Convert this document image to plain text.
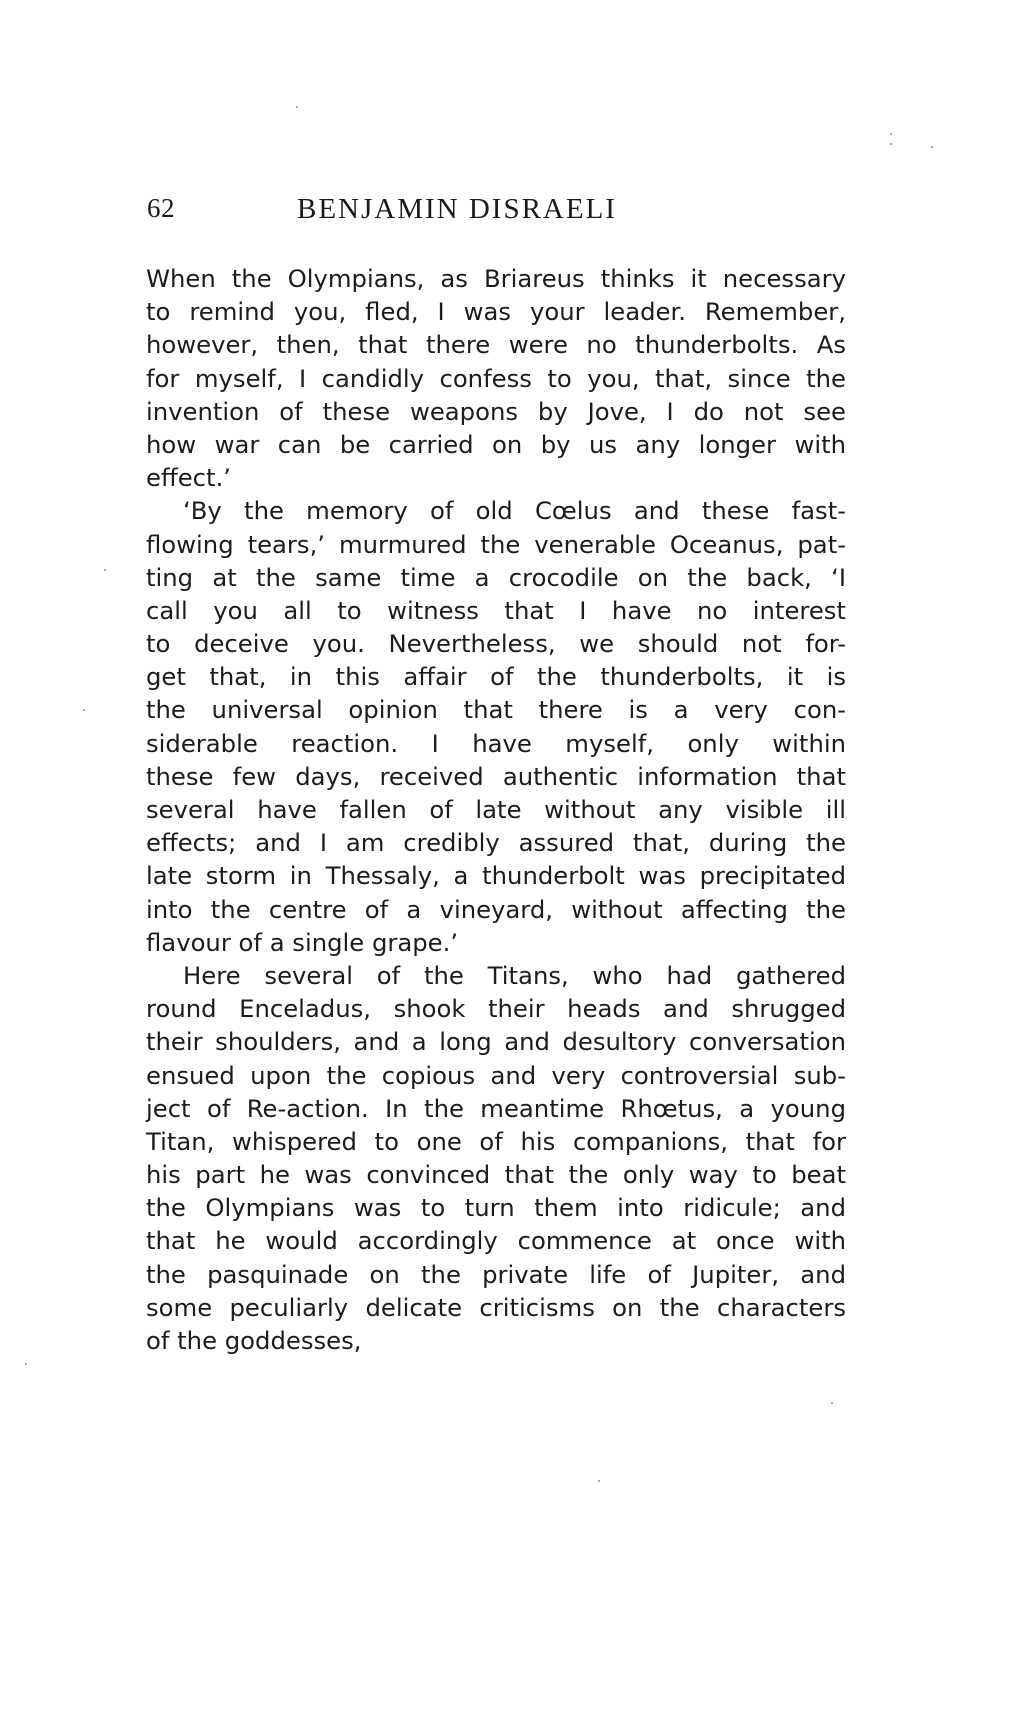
62	BENJAMIN DISRAELI
When the Olympians, as Briareus thinks it necessary
to remind you, fled, I was your leader. Remember,
however, then, that there were no thunderbolts. As
for myself, I candidly confess to you, that, since the
invention of these weapons by Jove, I do not see
how war can be carried on by us any longer with
effect.’
‘By the memory of old Cœlus and these fast-
flowing tears,’ murmured the venerable Oceanus, pat-
ting at the same time a crocodile on the back, ‘I
call you all to witness that I have no interest
to deceive you. Nevertheless, we should not for-
get that, in this affair of the thunderbolts, it is
the universal opinion that there is a very con-
siderable reaction. I have myself, only within
these few days, received authentic information that
several have fallen of late without any visible ill
effects; and I am credibly assured that, during the
late storm in Thessaly, a thunderbolt was precipitated
into the centre of a vineyard, without affecting the
flavour of a single grape.’
Here several of the Titans, who had gathered
round Enceladus, shook their heads and shrugged
their shoulders, and a long and desultory conversation
ensued upon the copious and very controversial sub-
ject of Re-action. In the meantime Rhœtus, a young
Titan, whispered to one of his companions, that for
his part he was convinced that the only way to beat
the Olympians was to turn them into ridicule; and
that he would accordingly commence at once with
the pasquinade on the private life of Jupiter, and
some peculiarly delicate criticisms on the characters
of the goddesses,
